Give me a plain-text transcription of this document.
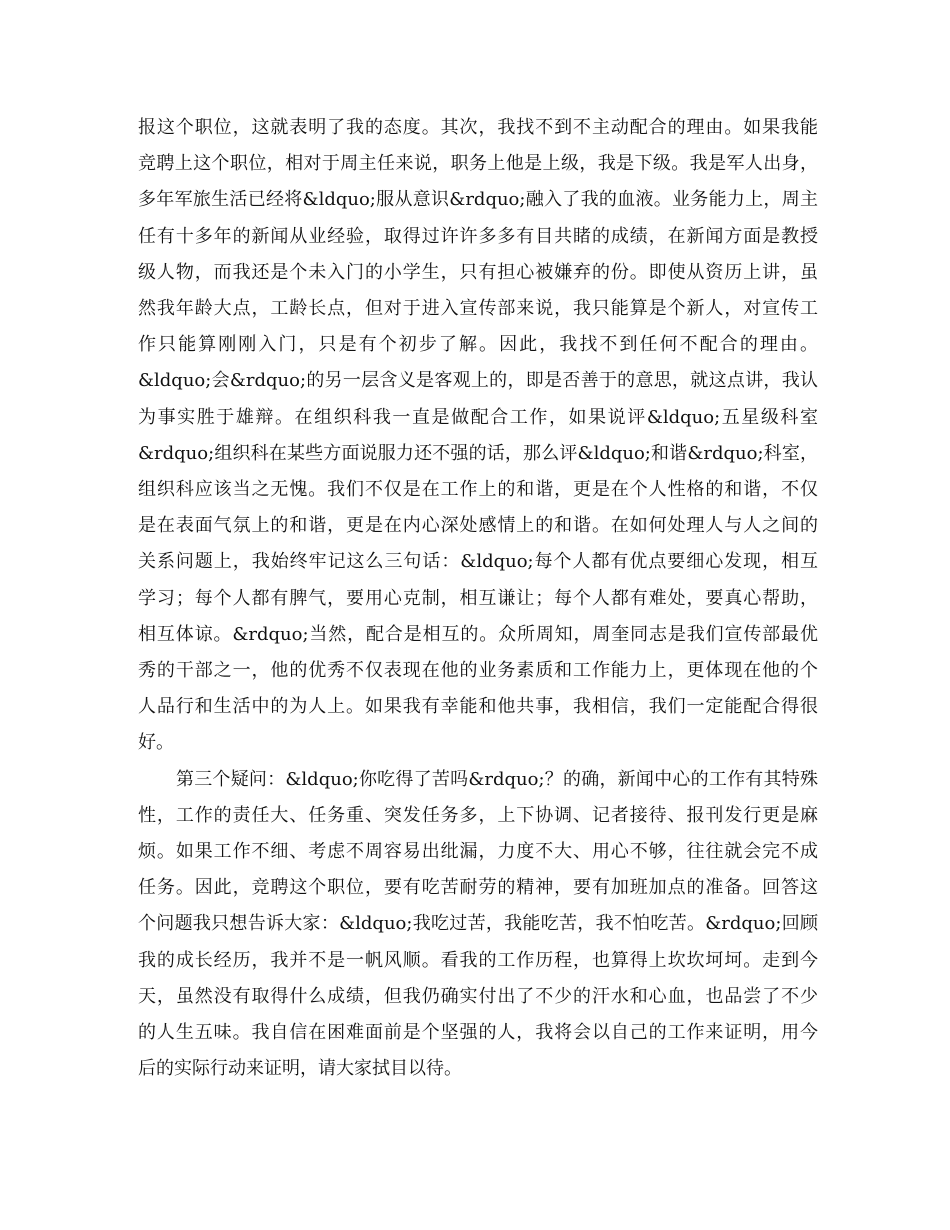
报这个职位，这就表明了我的态度。其次，我找不到不主动配合的理由。如果我能
竞聘上这个职位，相对于周主任来说，职务上他是上级，我是下级。我是军人出身，
多年军旅生活已经将&ldquo;服从意识&rdquo;融入了我的血液。业务能力上，周主
任有十多年的新闻从业经验，取得过许许多多有目共睹的成绩，在新闻方面是教授
级人物，而我还是个未入门的小学生，只有担心被嫌弃的份。即使从资历上讲，虽
然我年龄大点，工龄长点，但对于进入宣传部来说，我只能算是个新人，对宣传工
作只能算刚刚入门，只是有个初步了解。因此，我找不到任何不配合的理由。
&ldquo;会&rdquo;的另一层含义是客观上的，即是否善于的意思，就这点讲，我认
为事实胜于雄辩。在组织科我一直是做配合工作，如果说评&ldquo;五星级科室
&rdquo;组织科在某些方面说服力还不强的话，那么评&ldquo;和谐&rdquo;科室，
组织科应该当之无愧。我们不仅是在工作上的和谐，更是在个人性格的和谐，不仅
是在表面气氛上的和谐，更是在内心深处感情上的和谐。在如何处理人与人之间的
关系问题上，我始终牢记这么三句话：&ldquo;每个人都有优点要细心发现，相互
学习；每个人都有脾气，要用心克制，相互谦让；每个人都有难处，要真心帮助，
相互体谅。&rdquo;当然，配合是相互的。众所周知，周奎同志是我们宣传部最优
秀的干部之一，他的优秀不仅表现在他的业务素质和工作能力上，更体现在他的个
人品行和生活中的为人上。如果我有幸能和他共事，我相信，我们一定能配合得很
好。
第三个疑问：&ldquo;你吃得了苦吗&rdquo;？的确，新闻中心的工作有其特殊
性，工作的责任大、任务重、突发任务多，上下协调、记者接待、报刊发行更是麻
烦。如果工作不细、考虑不周容易出纰漏，力度不大、用心不够，往往就会完不成
任务。因此，竞聘这个职位，要有吃苦耐劳的精神，要有加班加点的准备。回答这
个问题我只想告诉大家：&ldquo;我吃过苦，我能吃苦，我不怕吃苦。&rdquo;回顾
我的成长经历，我并不是一帆风顺。看我的工作历程，也算得上坎坎坷坷。走到今
天，虽然没有取得什么成绩，但我仍确实付出了不少的汗水和心血，也品尝了不少
的人生五味。我自信在困难面前是个坚强的人，我将会以自己的工作来证明，用今
后的实际行动来证明，请大家拭目以待。
